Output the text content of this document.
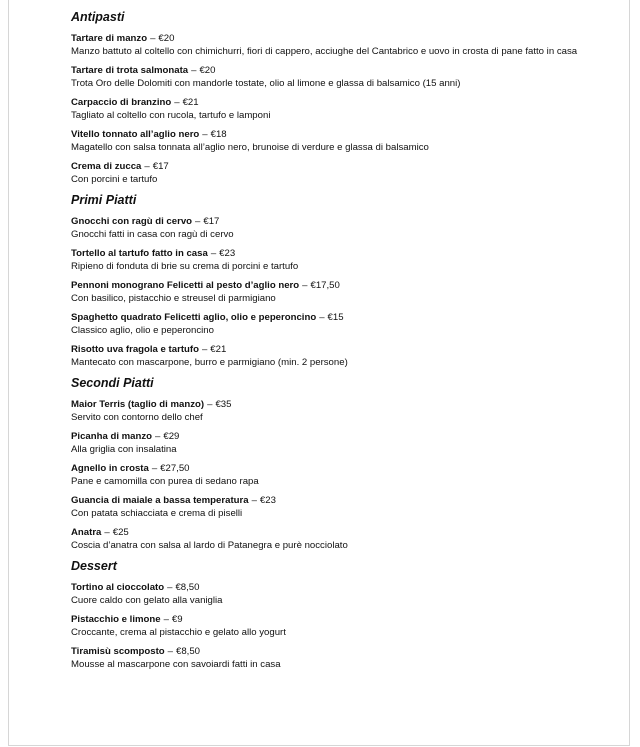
Antipasti
Tartare di manzo – €20
Manzo battuto al coltello con chimichurri, fiori di cappero, acciughe del Cantabrico e uovo in crosta di pane fatto in casa
Tartare di trota salmonata – €20
Trota Oro delle Dolomiti con mandorle tostate, olio al limone e glassa di balsamico (15 anni)
Carpaccio di branzino – €21
Tagliato al coltello con rucola, tartufo e lamponi
Vitello tonnato all’aglio nero – €18
Magatello con salsa tonnata all’aglio nero, brunoise di verdure e glassa di balsamico
Crema di zucca – €17
Con porcini e tartufo
Primi Piatti
Gnocchi con ragù di cervo – €17
Gnocchi fatti in casa con ragù di cervo
Tortello al tartufo fatto in casa – €23
Ripieno di fonduta di brie su crema di porcini e tartufo
Pennoni monograno Felicetti al pesto d’aglio nero – €17,50
Con basilico, pistacchio e streusel di parmigiano
Spaghetto quadrato Felicetti aglio, olio e peperoncino – €15
Classico aglio, olio e peperoncino
Risotto uva fragola e tartufo – €21
Mantecato con mascarpone, burro e parmigiano (min. 2 persone)
Secondi Piatti
Maior Terris (taglio di manzo) – €35
Servito con contorno dello chef
Picanha di manzo – €29
Alla griglia con insalatina
Agnello in crosta – €27,50
Pane e camomilla con purea di sedano rapa
Guancia di maiale a bassa temperatura – €23
Con patata schiacciata e crema di piselli
Anatra – €25
Coscia d’anatra con salsa al lardo di Patanegra e purè nocciolato
Dessert
Tortino al cioccolato – €8,50
Cuore caldo con gelato alla vaniglia
Pistacchio e limone – €9
Croccante, crema al pistacchio e gelato allo yogurt
Tiramisù scomposto – €8,50
Mousse al mascarpone con savoiardi fatti in casa
